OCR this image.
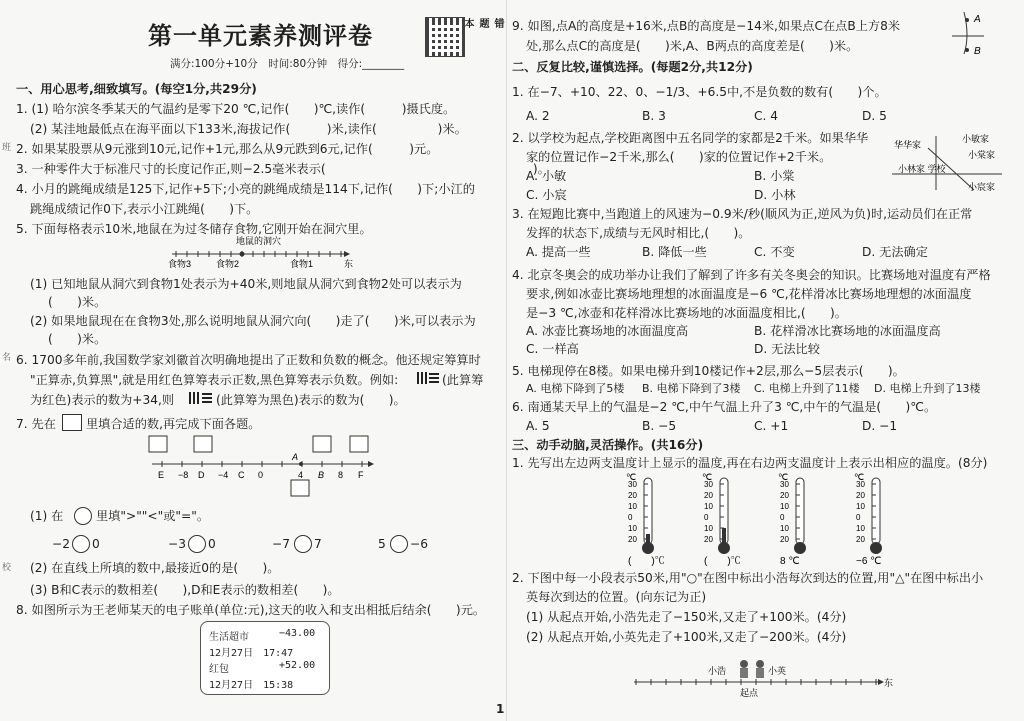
班
名
校
第一单元素养测评卷	错题本
满分:100分+10分　时间:80分钟　得分:________
一、用心思考,细致填写。(每空1分,共29分)
1. (1) 哈尔滨冬季某天的气温约是零下20 ℃,记作(　　)℃,读作(　　　)摄氏度。
(2) 某洼地最低点在海平面以下133米,海拔记作(　　　)米,读作(　　　　　)米。
2. 如果某股票从9元涨到10元,记作+1元,那么从9元跌到6元,记作(　　　)元。
3. 一种零件大于标准尺寸的长度记作正,则−2.5毫米表示(　　　　　　　　　　　　　　　　　)。
4. 小月的跳绳成绩是125下,记作+5下;小亮的跳绳成绩是114下,记作(　　)下;小江的
跳绳成绩记作0下,表示小江跳绳(　　)下。
5. 下面每格表示10米,地鼠在为过冬储存食物,它刚开始在洞穴里。
地鼠的洞穴
食物3	食物2	食物1	东
(1) 已知地鼠从洞穴到食物1处表示为+40米,则地鼠从洞穴到食物2处可以表示为
(　　)米。
(2) 如果地鼠现在在食物3处,那么说明地鼠从洞穴向(　　)走了(　　)米,可以表示为
(　　)米。
6. 1700多年前,我国数学家刘徽首次明确地提出了正数和负数的概念。他还规定筹算时
"正算赤,负算黑",就是用红色算筹表示正数,黑色算筹表示负数。例如:	(此算筹
为红色)表示的数为+34,则	(此算筹为黑色)表示的数为(　　)。
7. 先在 里填合适的数,再完成下面各题。
A
B
E −8 D −4 C 0	4	8 F
(1) 在	里填">""<"或"="。
−2 0	−3 0	−7 7	5 −6
(2) 在直线上所填的数中,最接近0的是(　　)。
(3) B和C表示的数相差(　　),D和E表示的数相差(　　)。
8. 如图所示为王老师某天的电子账单(单位:元),这天的收入和支出相抵后结余(　　)元。
生活超市	−43.00
12月27日　17:47
红包	+52.00
12月27日　15:38
9. 如图,点A的高度是+16米,点B的高度是−14米,如果点C在点B上方8米
处,那么点C的高度是(　　)米,A、B两点的高度差是(　　)米。
A
B
二、反复比较,谨慎选择。(每题2分,共12分)
1. 在−7、+10、22、0、−1/3、+6.5中,不是负数的数有(　　)个。
A. 2	B. 3	C. 4	D. 5
2. 以学校为起点,学校距离图中五名同学的家都是2千米。如果华华
家的位置记作−2千米,那么(　　)家的位置记作+2千米。
A. 小敏	B. 小棠
C. 小宸	D. 小林
华华家
小敏家
小棠家
小林家 学校
小宸家
3. 在短跑比赛中,当跑道上的风速为−0.9米/秒(顺风为正,逆风为负)时,运动员们在正常
发挥的状态下,成绩与无风时相比,(　　)。
A. 提高一些	B. 降低一些	C. 不变	D. 无法确定
4. 北京冬奥会的成功举办让我们了解到了许多有关冬奥会的知识。比赛场地对温度有严格
要求,例如冰壶比赛场地理想的冰面温度是−6 ℃,花样滑冰比赛场地理想的冰面温度
是−3 ℃,冰壶和花样滑冰比赛场地的冰面温度相比,(　　)。
A. 冰壶比赛场地的冰面温度高	B. 花样滑冰比赛场地的冰面温度高
C. 一样高	D. 无法比较
5. 电梯现停在8楼。如果电梯升到10楼记作+2层,那么−5层表示(　　)。
A. 电梯下降到了5楼 B. 电梯下降到了3楼 C. 电梯上升到了11楼 D. 电梯上升到了13楼
6. 南通某天早上的气温是−2 ℃,中午气温上升了3 ℃,中午的气温是(　　)℃。
A. 5	B. −5	C. +1	D. −1
三、动手动脑,灵活操作。(共16分)
1. 先写出左边两支温度计上显示的温度,再在右边两支温度计上表示出相应的温度。(8分)
℃
30
20
10
0
10
20
(　　)℃
℃
30
20
10
0
10
20
(　　)℃
℃
30
20
10
0
10
20
8 ℃
℃
30
20
10
0
10
20
−6 ℃
2. 下图中每一小段表示50米,用"○"在图中标出小浩每次到达的位置,用"△"在图中标出小
英每次到达的位置。(向东记为正)
(1) 从起点开始,小浩先走了−150米,又走了+100米。(4分)
(2) 从起点开始,小英先走了+100米,又走了−200米。(4分)
小浩	小英
起点
东
1
